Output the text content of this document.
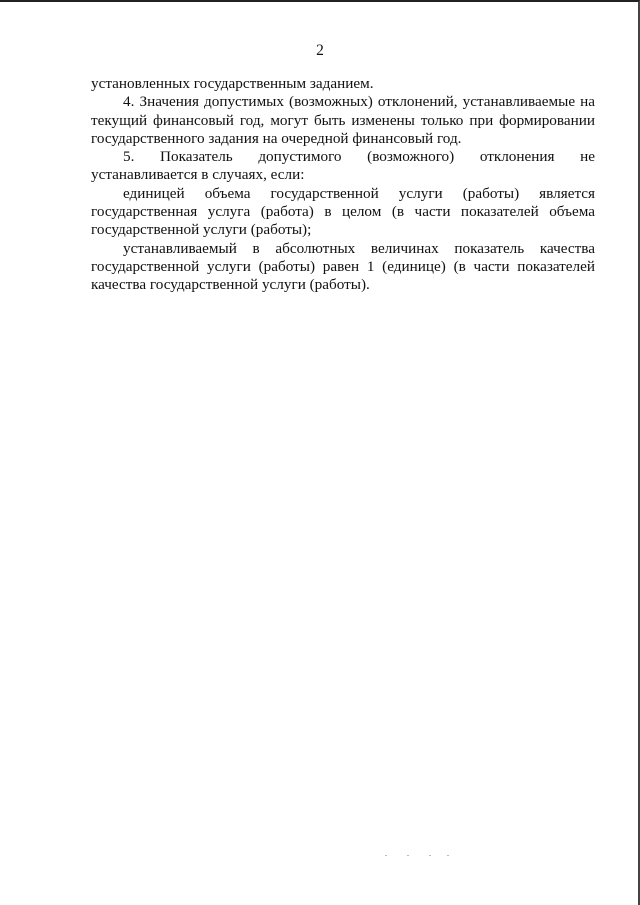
2

установленных государственным заданием.

4. Значения допустимых (возможных) отклонений, устанавливаемые на текущий финансовый год, могут быть изменены только при формировании государственного задания на очередной финансовый год.

5. Показатель допустимого (возможного) отклонения не устанавливается в случаях, если:

единицей объема государственной услуги (работы) является государственная услуга (работа) в целом (в части показателей объема государственной услуги (работы);

устанавливаемый в абсолютных величинах показатель качества государственной услуги (работы) равен 1 (единице) (в части показателей качества государственной услуги (работы).
